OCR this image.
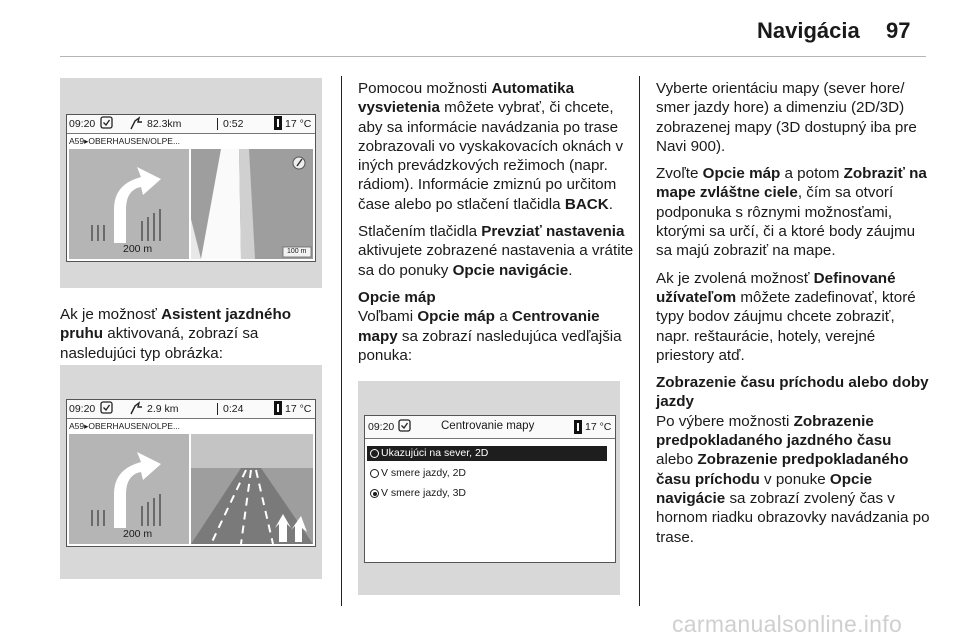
Navigácia 97
09:20	82.3km	0:52	17 °C
A59▸OBERHAUSEN/OLPE...
200 m	100 m

Ak je možnosť Asistent jazdného pruhu aktivovaná, zobrazí sa nasledujúci typ obrázka:

09:20	2.9 km	0:24	17 °C
A59▸OBERHAUSEN/OLPE...
200 m

Pomocou možnosti Automatika vysvietenia môžete vybrať, či chcete, aby sa informácie navádzania po trase zobrazovali vo vyskakovacích oknách v iných prevádzkových režimoch (napr. rádiom). Informácie zmiznú po určitom čase alebo po stlačení tlačidla BACK.

Stlačením tlačidla Prevziať nastavenia aktivujete zobrazené nastavenia a vrátite sa do ponuky Opcie navigácie.

Opcie máp

Voľbami Opcie máp a Centrovanie mapy sa zobrazí nasledujúca vedľajšia ponuka:

09:20	Centrovanie mapy	17 °C
Ukazujúci na sever, 2D
V smere jazdy, 2D
V smere jazdy, 3D

Vyberte orientáciu mapy (sever hore/ smer jazdy hore) a dimenziu (2D/3D) zobrazenej mapy (3D dostupný iba pre Navi 900).

Zvoľte Opcie máp a potom Zobraziť na mape zvláštne ciele, čím sa otvorí podponuka s rôznymi možnosťami, ktorými sa určí, či a ktoré body záujmu sa majú zobraziť na mape.

Ak je zvolená možnosť Definované užívateľom môžete zadefinovať, ktoré typy bodov záujmu chcete zobraziť, napr. reštaurácie, hotely, verejné priestory atď.

Zobrazenie času príchodu alebo doby jazdy

Po výbere možnosti Zobrazenie predpokladaného jazdného času alebo Zobrazenie predpokladaného času príchodu v ponuke Opcie navigácie sa zobrazí zvolený čas v hornom riadku obrazovky navádzania po trase.

carmanualsonline.info
